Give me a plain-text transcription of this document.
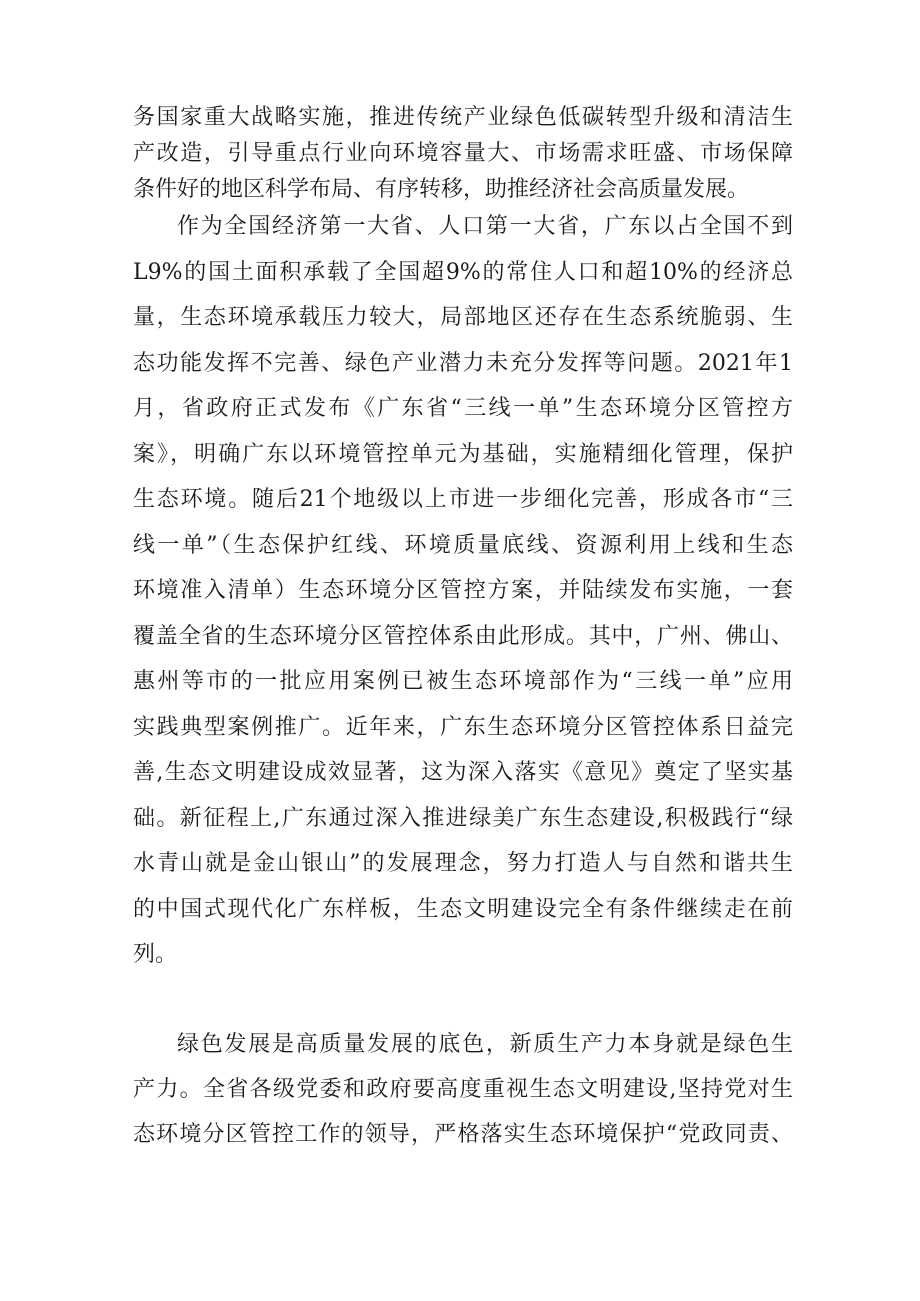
务国家重大战略实施，推进传统产业绿色低碳转型升级和清洁生
产改造，引导重点行业向环境容量大、市场需求旺盛、市场保障
条件好的地区科学布局、有序转移，助推经济社会高质量发展。
作为全国经济第一大省、人口第一大省，广东以占全国不到
L9%的国土面积承载了全国超9%的常住人口和超10%的经济总
量，生态环境承载压力较大，局部地区还存在生态系统脆弱、生
态功能发挥不完善、绿色产业潜力未充分发挥等问题。2021年1
月，省政府正式发布《广东省“三线一单”生态环境分区管控方
案》，明确广东以环境管控单元为基础，实施精细化管理，保护
生态环境。随后21个地级以上市进一步细化完善，形成各市“三
线一单”（生态保护红线、环境质量底线、资源利用上线和生态
环境准入清单）生态环境分区管控方案，并陆续发布实施，一套
覆盖全省的生态环境分区管控体系由此形成。其中，广州、佛山、
惠州等市的一批应用案例已被生态环境部作为“三线一单”应用
实践典型案例推广。近年来，广东生态环境分区管控体系日益完
善,生态文明建设成效显著，这为深入落实《意见》奠定了坚实基
础。新征程上,广东通过深入推进绿美广东生态建设,积极践行“绿
水青山就是金山银山”的发展理念，努力打造人与自然和谐共生
的中国式现代化广东样板，生态文明建设完全有条件继续走在前
列。
绿色发展是高质量发展的底色，新质生产力本身就是绿色生
产力。全省各级党委和政府要高度重视生态文明建设,坚持党对生
态环境分区管控工作的领导，严格落实生态环境保护“党政同责、
